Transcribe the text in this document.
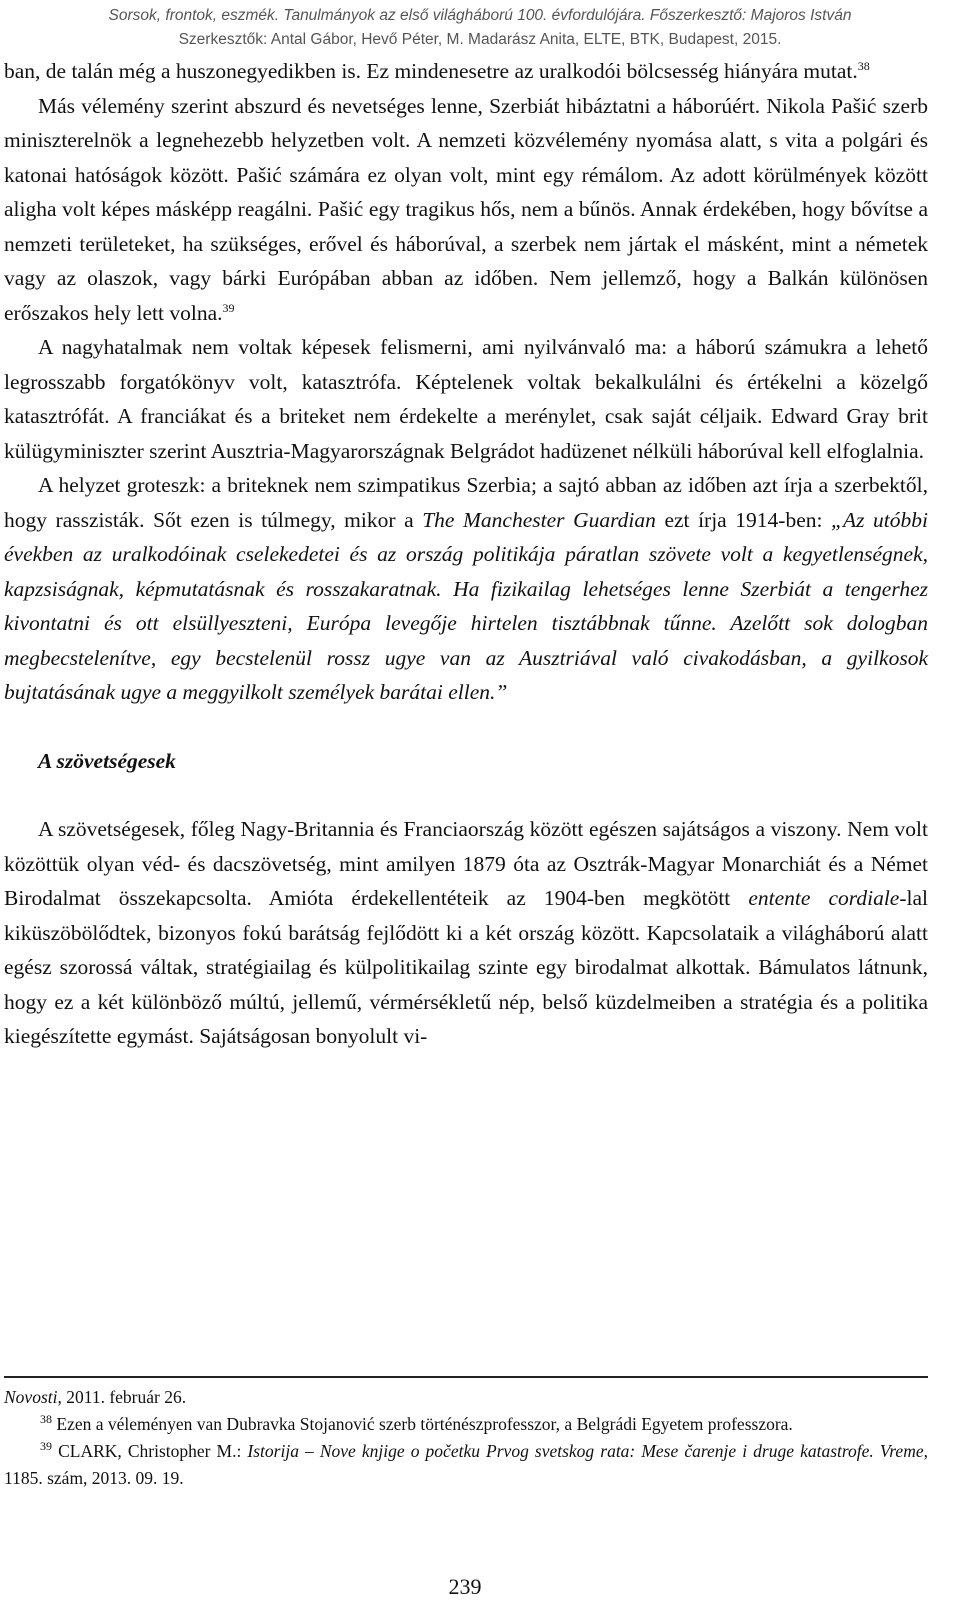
Sorsok, frontok, eszmék. Tanulmányok az első világháború 100. évfordulójára. Főszerkesztő: Majoros István
Szerkesztők: Antal Gábor, Hevő Péter, M. Madarász Anita, ELTE, BTK, Budapest, 2015.

ban, de talán még a huszonegyedikben is. Ez mindenesetre az uralkodói bölcsesség hiányára mutat.$^{38}$

Más vélemény szerint abszurd és nevetséges lenne, Szerbiát hibáztatni a háborúért. Nikola Pašić szerb miniszterelnök a legnehezebb helyzetben volt. A nemzeti közvélemény nyomása alatt, s vita a polgári és katonai hatóságok között. Pašić számára ez olyan volt, mint egy rémálom. Az adott körülmények között aligha volt képes másképp reagálni. Pašić egy tragikus hős, nem a bűnös. Annak érdekében, hogy bővítse a nemzeti területeket, ha szükséges, erővel és háborúval, a szerbek nem jártak el másként, mint a németek vagy az olaszok, vagy bárki Európában abban az időben. Nem jellemző, hogy a Balkán különösen erőszakos hely lett volna.$^{39}$

A nagyhatalmak nem voltak képesek felismerni, ami nyilvánvaló ma: a háború számukra a lehető legrosszabb forgatókönyv volt, katasztrófa. Képtelenek voltak bekalkulálni és értékelni a közelgő katasztrófát. A franciákat és a briteket nem érdekelte a merénylet, csak saját céljaik. Edward Gray brit külügyminiszter szerint Ausztria-Magyarországnak Belgrádot hadüzenet nélküli háborúval kell elfoglalnia.

A helyzet groteszk: a briteknek nem szimpatikus Szerbia; a sajtó abban az időben azt írja a szerbektől, hogy rasszisták. Sőt ezen is túlmegy, mikor a The Manchester Guardian ezt írja 1914-ben: „Az utóbbi években az uralkodóinak cselekedetei és az ország politikája páratlan szövete volt a kegyetlenségnek, kapzsiságnak, képmutatásnak és rosszakaratnak. Ha fizikailag lehetséges lenne Szerbiát a tengerhez kivontatni és ott elsüllyeszteni, Európa levegője hirtelen tisztábbnak tűnne. Azelőtt sok dologban megbecstelenítve, egy becstelenül rossz ugye van az Ausztriával való civakodásban, a gyilkosok bujtatásának ugye a meggyilkolt személyek barátai ellen.”

A szövetségesek

A szövetségesek, főleg Nagy-Britannia és Franciaország között egészen sajátságos a viszony. Nem volt közöttük olyan véd- és dacszövetség, mint amilyen 1879 óta az Osztrák-Magyar Monarchiát és a Német Birodalmat összekapcsolta. Amióta érdekellentéteik az 1904-ben megkötött entente cordiale-lal kiküszöbölődtek, bizonyos fokú barátság fejlődött ki a két ország között. Kapcsolataik a világháború alatt egész szorossá váltak, stratégiailag és külpolitikailag szinte egy birodalmat alkottak. Bámulatos látnunk, hogy ez a két különböző múltú, jellemű, vérmérsékletű nép, belső küzdelmeiben a stratégia és a politika kiegészítette egymást. Sajátságosan bonyolult vi-

Novosti, 2011. február 26.

$^{38}$ Ezen a véleményen van Dubravka Stojanović szerb történészprofesszor, a Belgrádi Egyetem professzora.

$^{39}$ CLARK, Christopher M.: Istorija – Nove knjige o početku Prvog svetskog rata: Mese čarenje i druge katastrofe. Vreme, 1185. szám, 2013. 09. 19.

239
